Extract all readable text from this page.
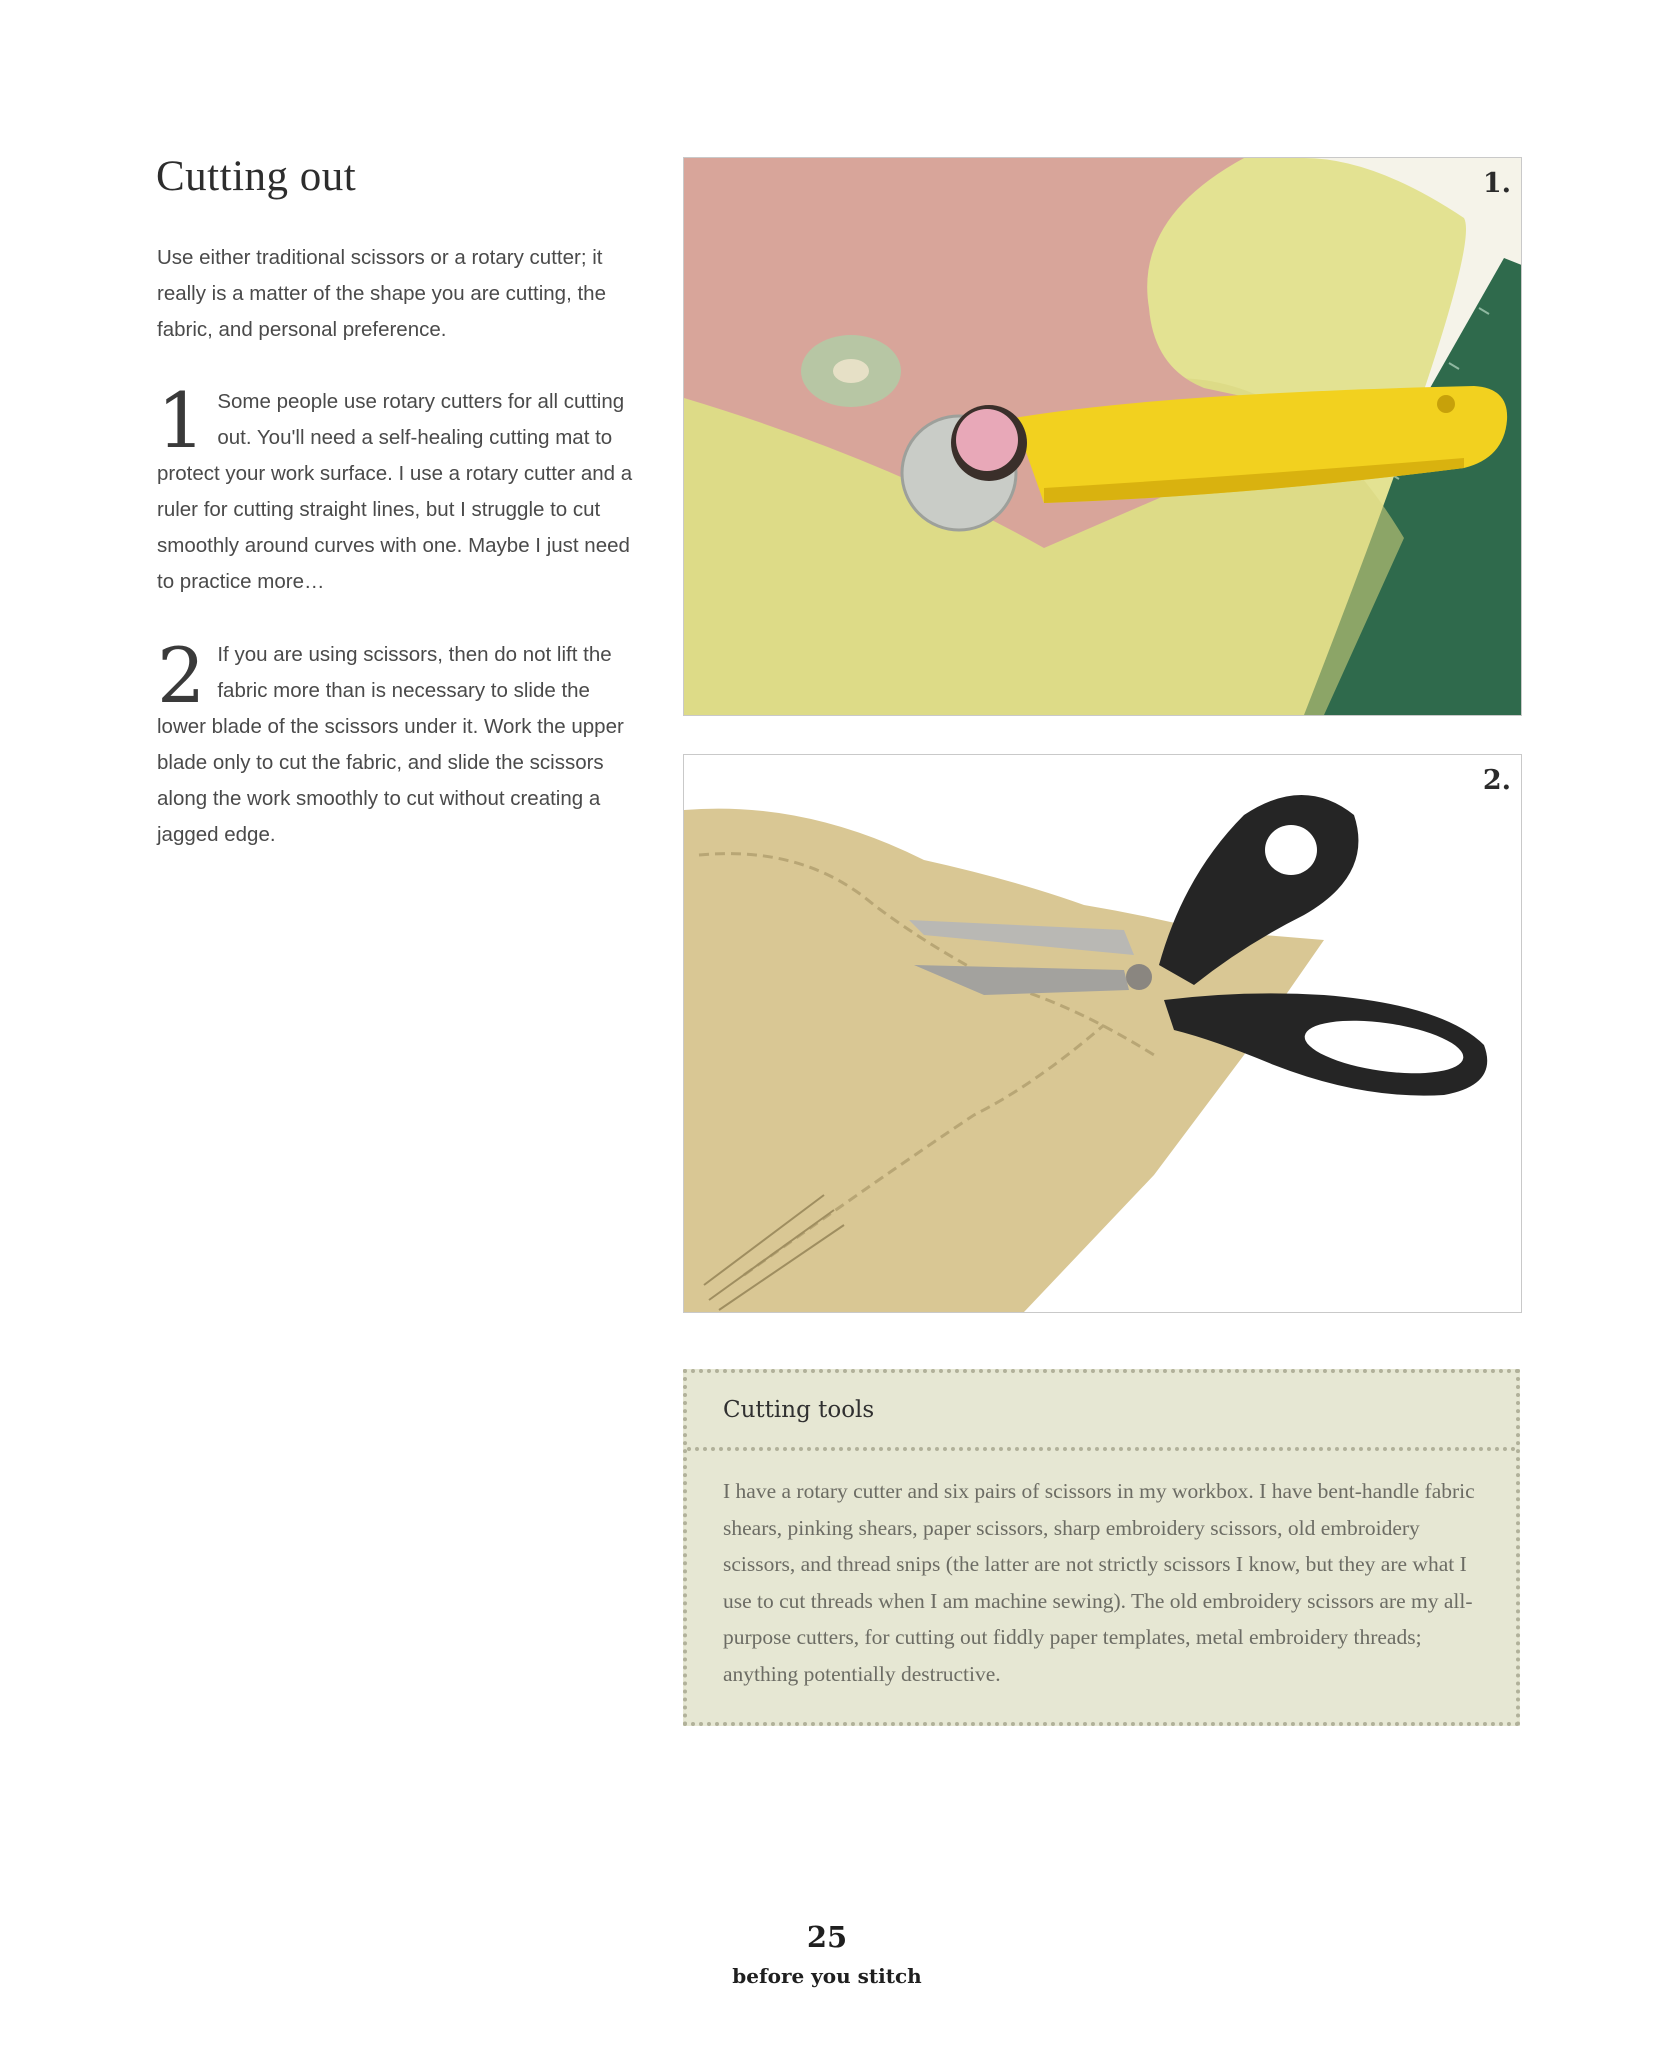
Cutting out

Use either traditional scissors or a rotary cutter; it really is a matter of the shape you are cutting, the fabric, and personal preference.

1 Some people use rotary cutters for all cutting out. You'll need a self-healing cutting mat to protect your work surface. I use a rotary cutter and a ruler for cutting straight lines, but I struggle to cut smoothly around curves with one. Maybe I just need to practice more…

2 If you are using scissors, then do not lift the fabric more than is necessary to slide the lower blade of the scissors under it. Work the upper blade only to cut the fabric, and slide the scissors along the work smoothly to cut without creating a jagged edge.

1.
2.
Cutting tools

I have a rotary cutter and six pairs of scissors in my workbox. I have bent-handle fabric shears, pinking shears, paper scissors, sharp embroidery scissors, old embroidery scissors, and thread snips (the latter are not strictly scissors I know, but they are what I use to cut threads when I am machine sewing). The old embroidery scissors are my all-purpose cutters, for cutting out fiddly paper templates, metal embroidery threads; anything potentially destructive.

25
before you stitch
